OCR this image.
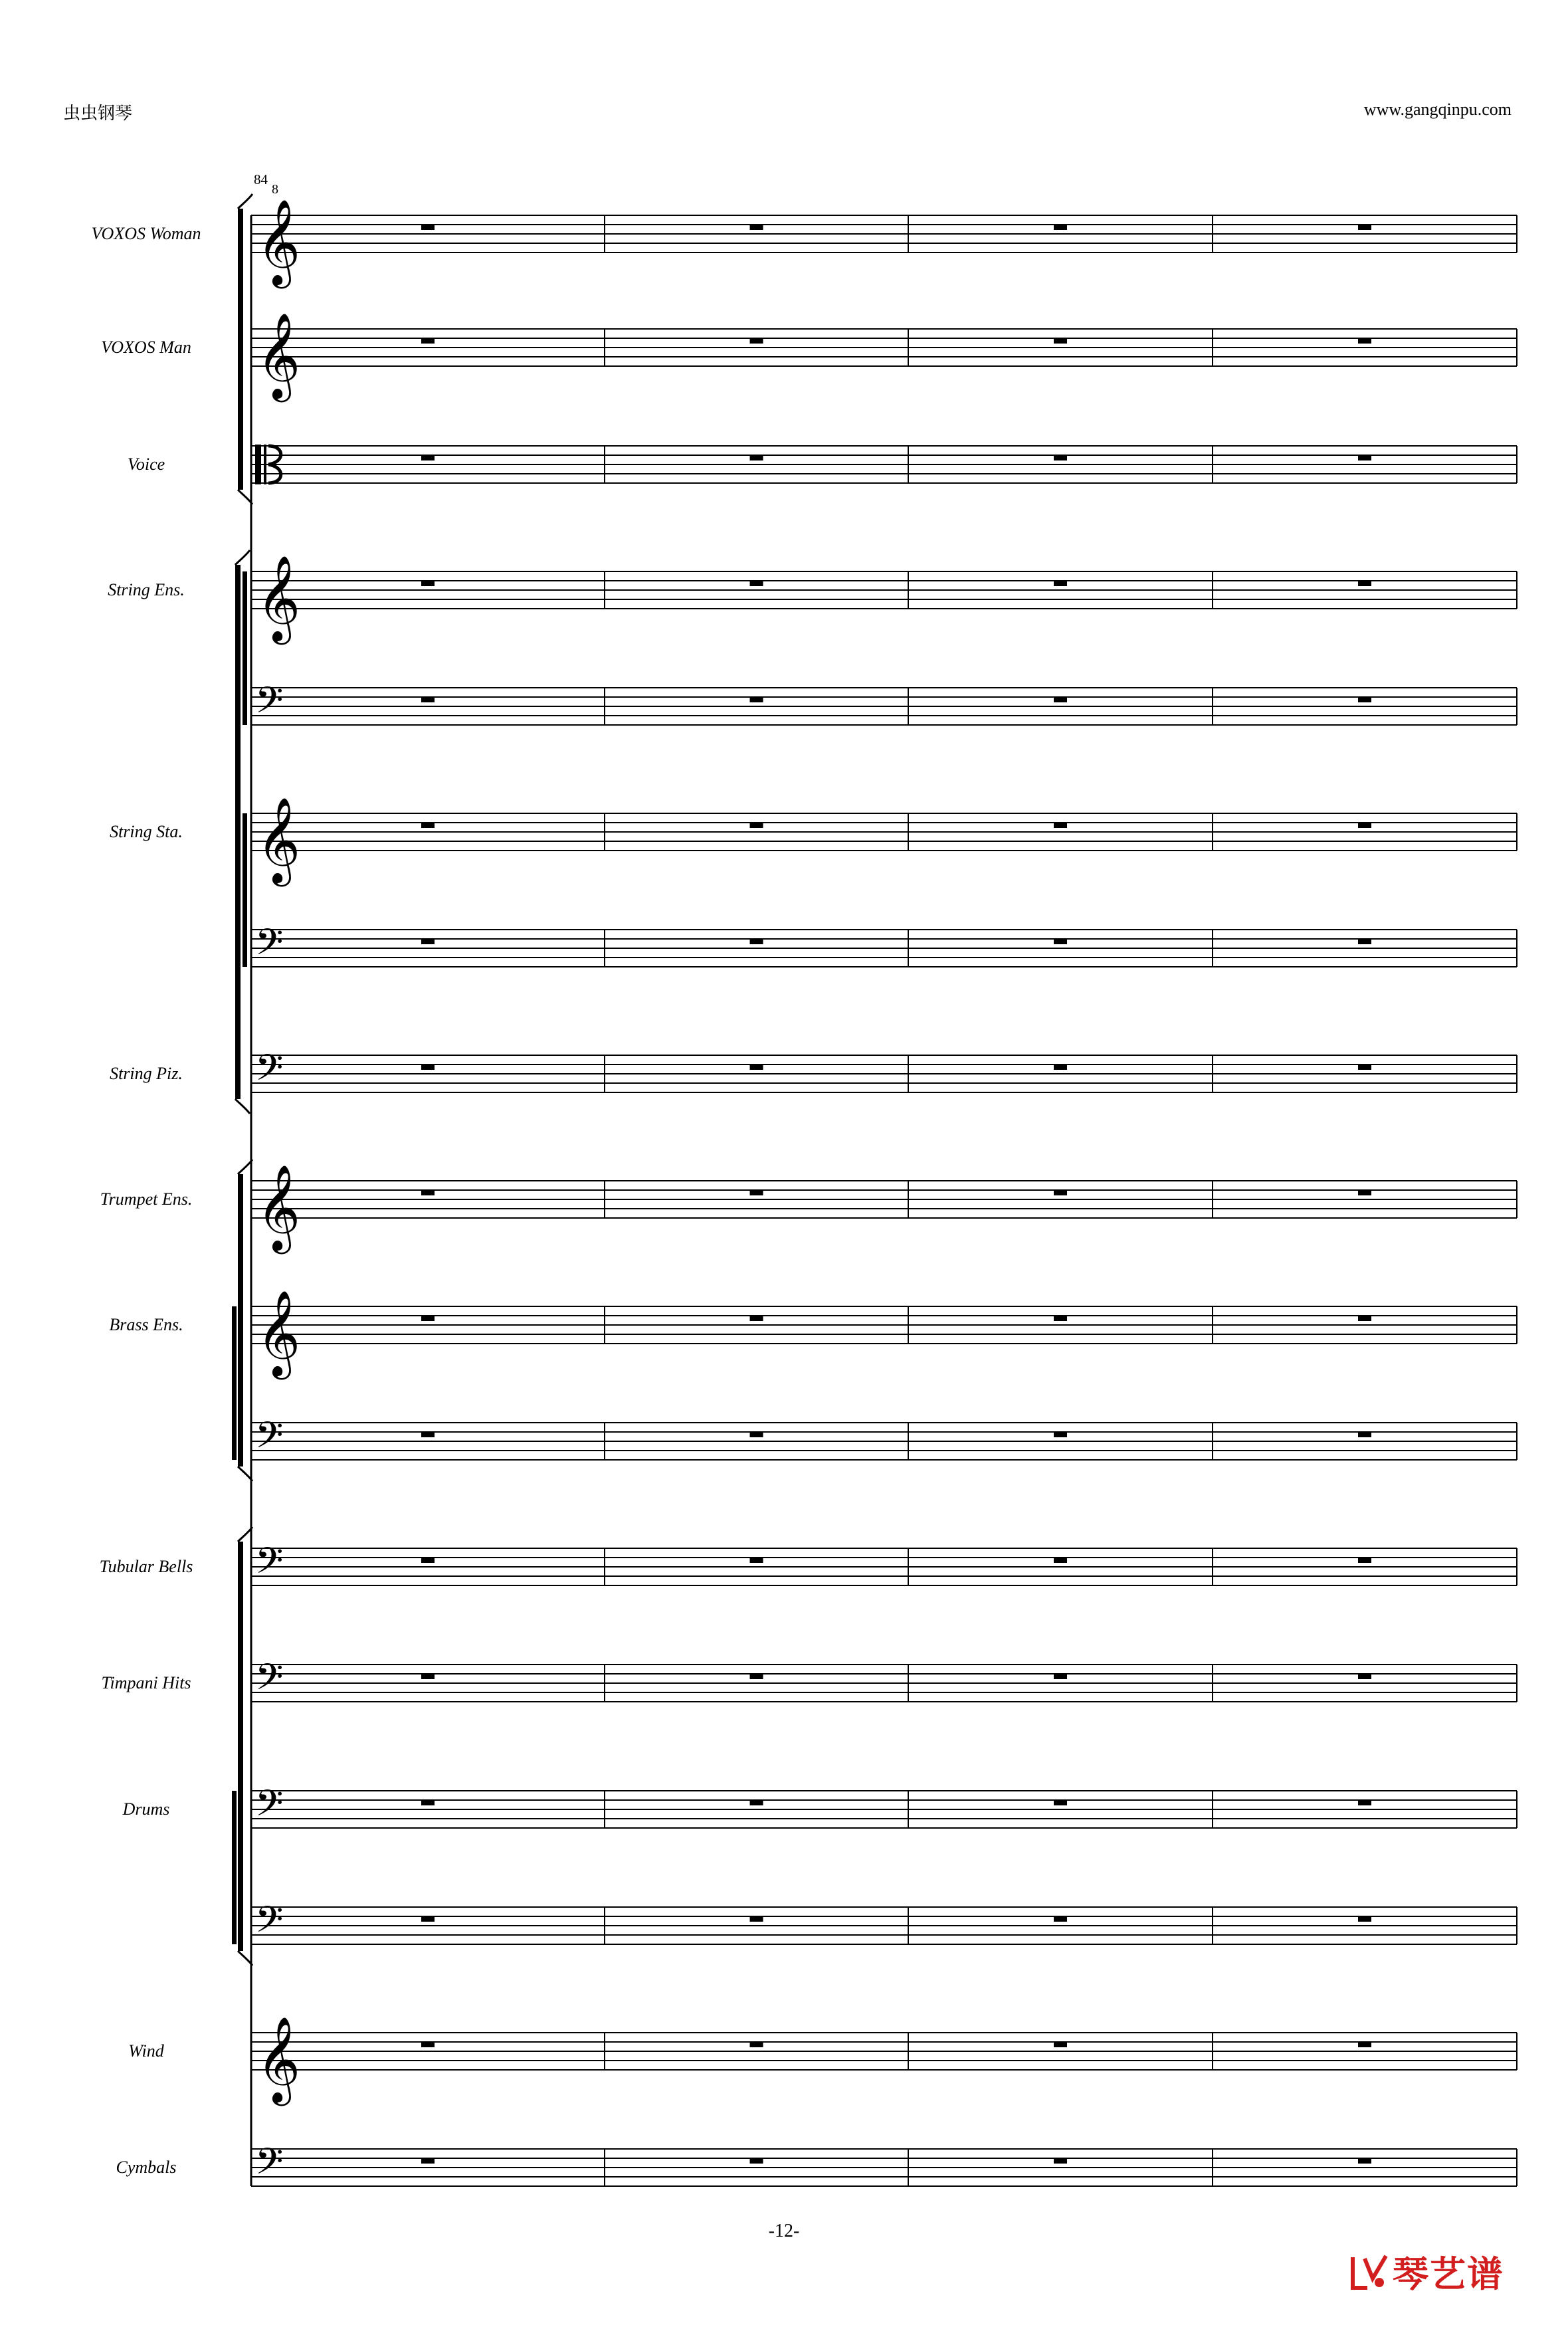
虫虫钢琴	www.gangqinpu.com
84
8
𝄞
𝄞
𝄞
𝄢
𝄞
𝄢
𝄢
𝄞
𝄞
𝄢
𝄢
𝄢
𝄢
𝄢
𝄞
𝄢
VOXOS Woman
VOXOS Man
Voice
String Ens.
String Sta.
String Piz.
Trumpet Ens.
Brass Ens.
Tubular Bells
Timpani Hits
Drums
Wind
Cymbals
-12-
琴艺谱
